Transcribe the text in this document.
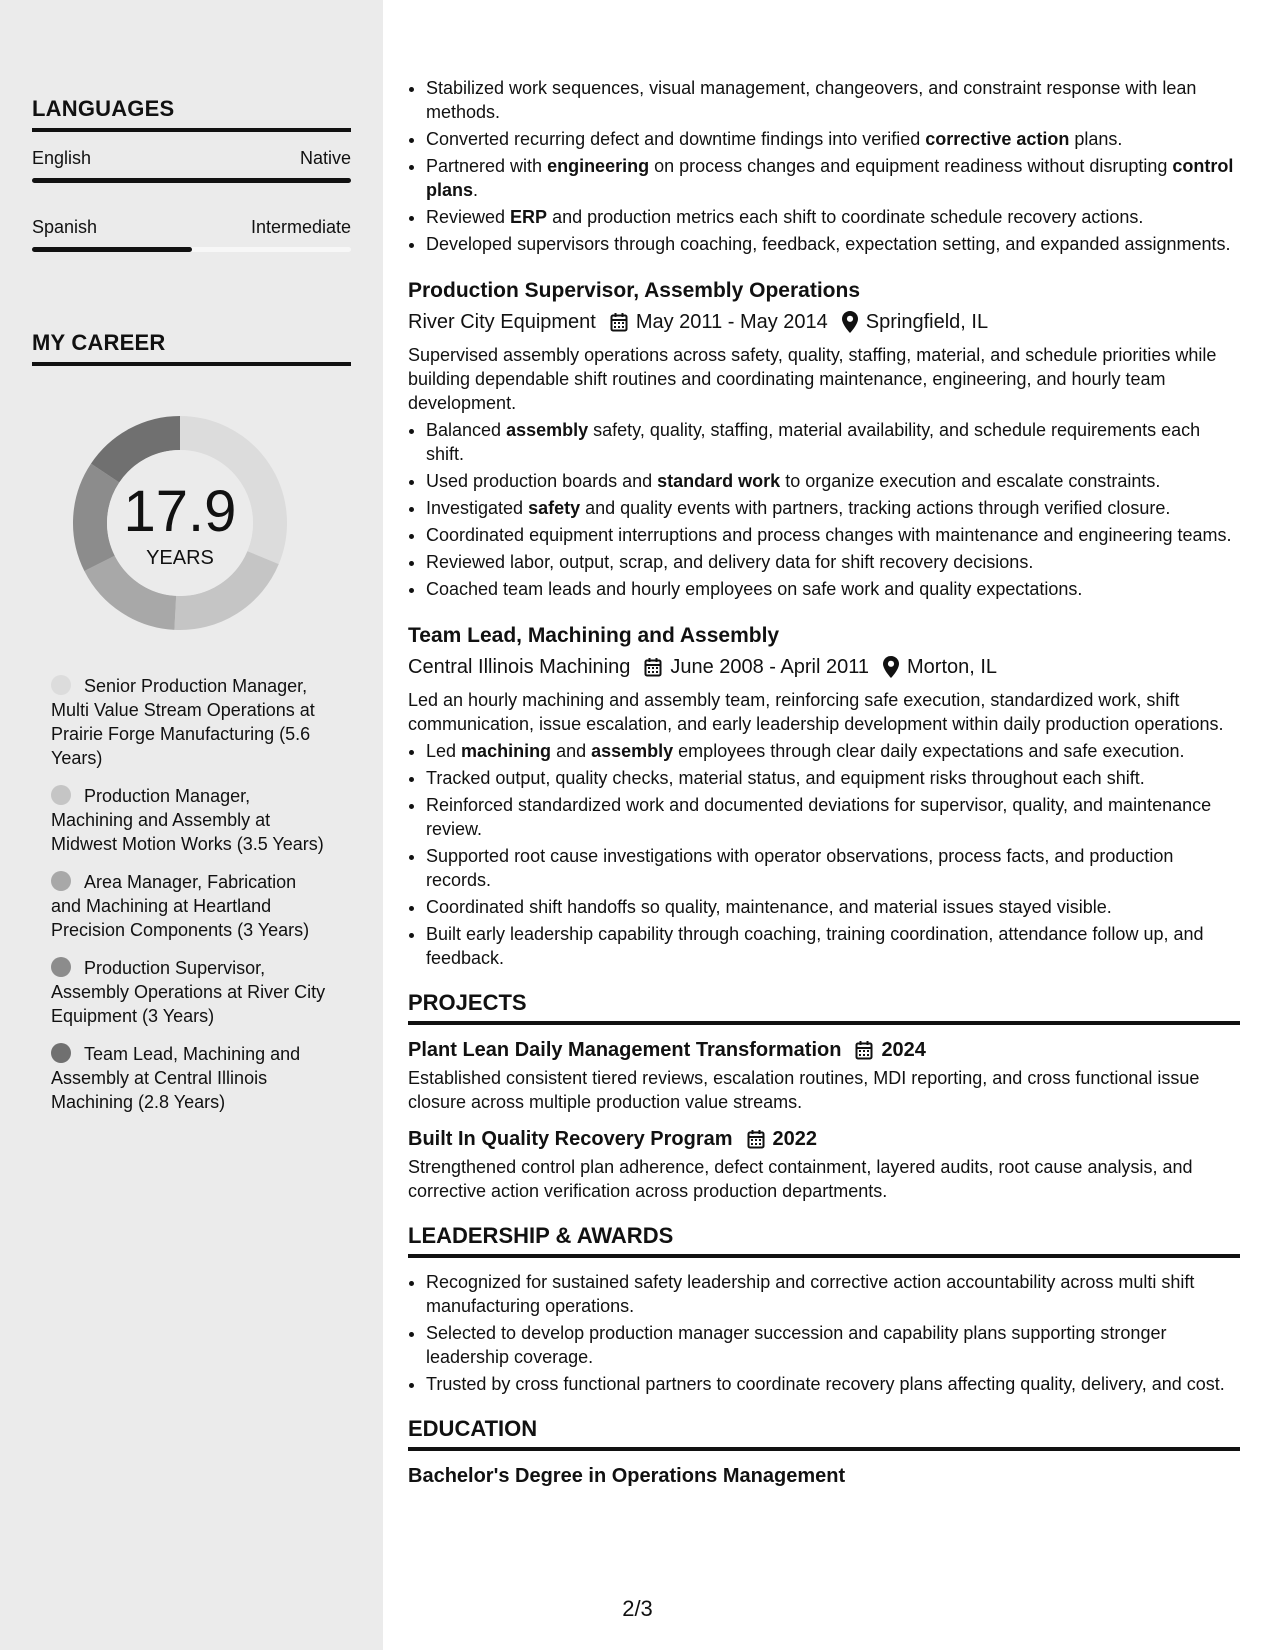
LANGUAGES
English	Native
Spanish	Intermediate
MY CAREER
17.9
YEARS
Senior Production Manager, Multi Value Stream Operations at Prairie Forge Manufacturing (5.6 Years)
Production Manager, Machining and Assembly at Midwest Motion Works (3.5 Years)
Area Manager, Fabrication and Machining at Heartland Precision Components (3 Years)
Production Supervisor, Assembly Operations at River City Equipment (3 Years)
Team Lead, Machining and Assembly at Central Illinois Machining (2.8 Years)
• Stabilized work sequences, visual management, changeovers, and constraint response with lean methods.
• Converted recurring defect and downtime findings into verified corrective action plans.
• Partnered with engineering on process changes and equipment readiness without disrupting control plans.
• Reviewed ERP and production metrics each shift to coordinate schedule recovery actions.
• Developed supervisors through coaching, feedback, expectation setting, and expanded assignments.
Production Supervisor, Assembly Operations
River City Equipment May 2011 - May 2014 Springfield, IL

Supervised assembly operations across safety, quality, staffing, material, and schedule priorities while building dependable shift routines and coordinating maintenance, engineering, and hourly team development.

• Balanced assembly safety, quality, staffing, material availability, and schedule requirements each shift.
• Used production boards and standard work to organize execution and escalate constraints.
• Investigated safety and quality events with partners, tracking actions through verified closure.
• Coordinated equipment interruptions and process changes with maintenance and engineering teams.
• Reviewed labor, output, scrap, and delivery data for shift recovery decisions.
• Coached team leads and hourly employees on safe work and quality expectations.
Team Lead, Machining and Assembly
Central Illinois Machining June 2008 - April 2011 Morton, IL

Led an hourly machining and assembly team, reinforcing safe execution, standardized work, shift communication, issue escalation, and early leadership development within daily production operations.

• Led machining and assembly employees through clear daily expectations and safe execution.
• Tracked output, quality checks, material status, and equipment risks throughout each shift.
• Reinforced standardized work and documented deviations for supervisor, quality, and maintenance review.
• Supported root cause investigations with operator observations, process facts, and production records.
• Coordinated shift handoffs so quality, maintenance, and material issues stayed visible.
• Built early leadership capability through coaching, training coordination, attendance follow up, and feedback.
PROJECTS
Plant Lean Daily Management Transformation 2024
Established consistent tiered reviews, escalation routines, MDI reporting, and cross functional issue closure across multiple production value streams.
Built In Quality Recovery Program 2022
Strengthened control plan adherence, defect containment, layered audits, root cause analysis, and corrective action verification across production departments.
LEADERSHIP & AWARDS
• Recognized for sustained safety leadership and corrective action accountability across multi shift manufacturing operations.
• Selected to develop production manager succession and capability plans supporting stronger leadership coverage.
• Trusted by cross functional partners to coordinate recovery plans affecting quality, delivery, and cost.
EDUCATION
Bachelor's Degree in Operations Management
2/3
